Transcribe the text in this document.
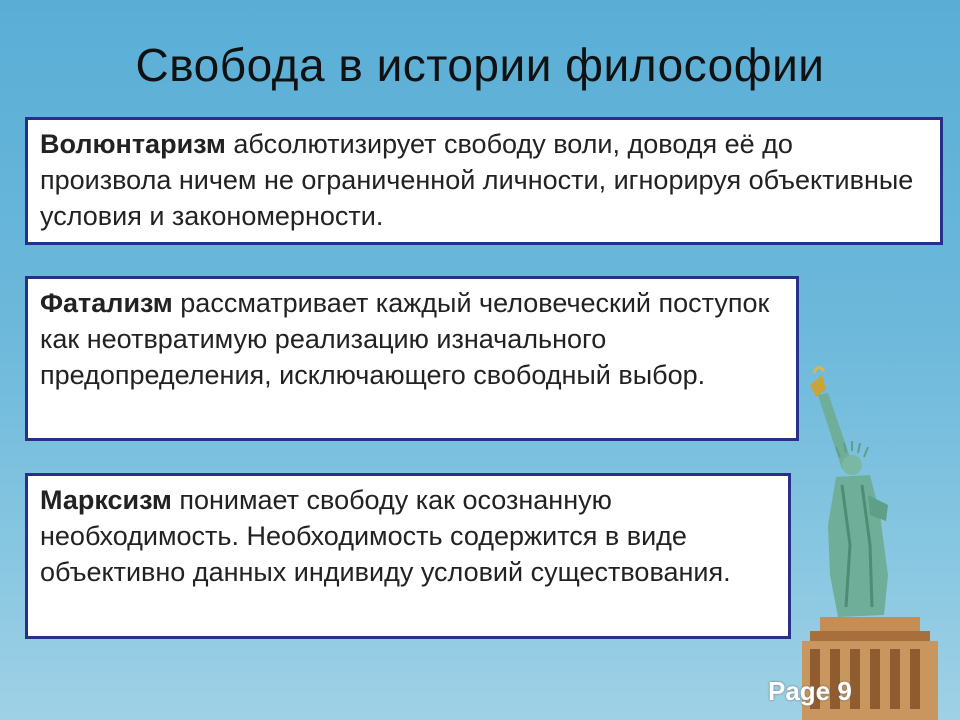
Свобода в истории философии
Волюнтаризм абсолютизирует свободу воли, доводя её до произвола ничем не ограниченной личности, игнорируя объективные условия и закономерности.
Фатализм рассматривает каждый человеческий поступок как неотвратимую реализацию изначального предопределения, исключающего свободный выбор.
Марксизм понимает свободу как осознанную необходимость. Необходимость содержится в виде объективно данных индивиду условий существования.
Page 9
